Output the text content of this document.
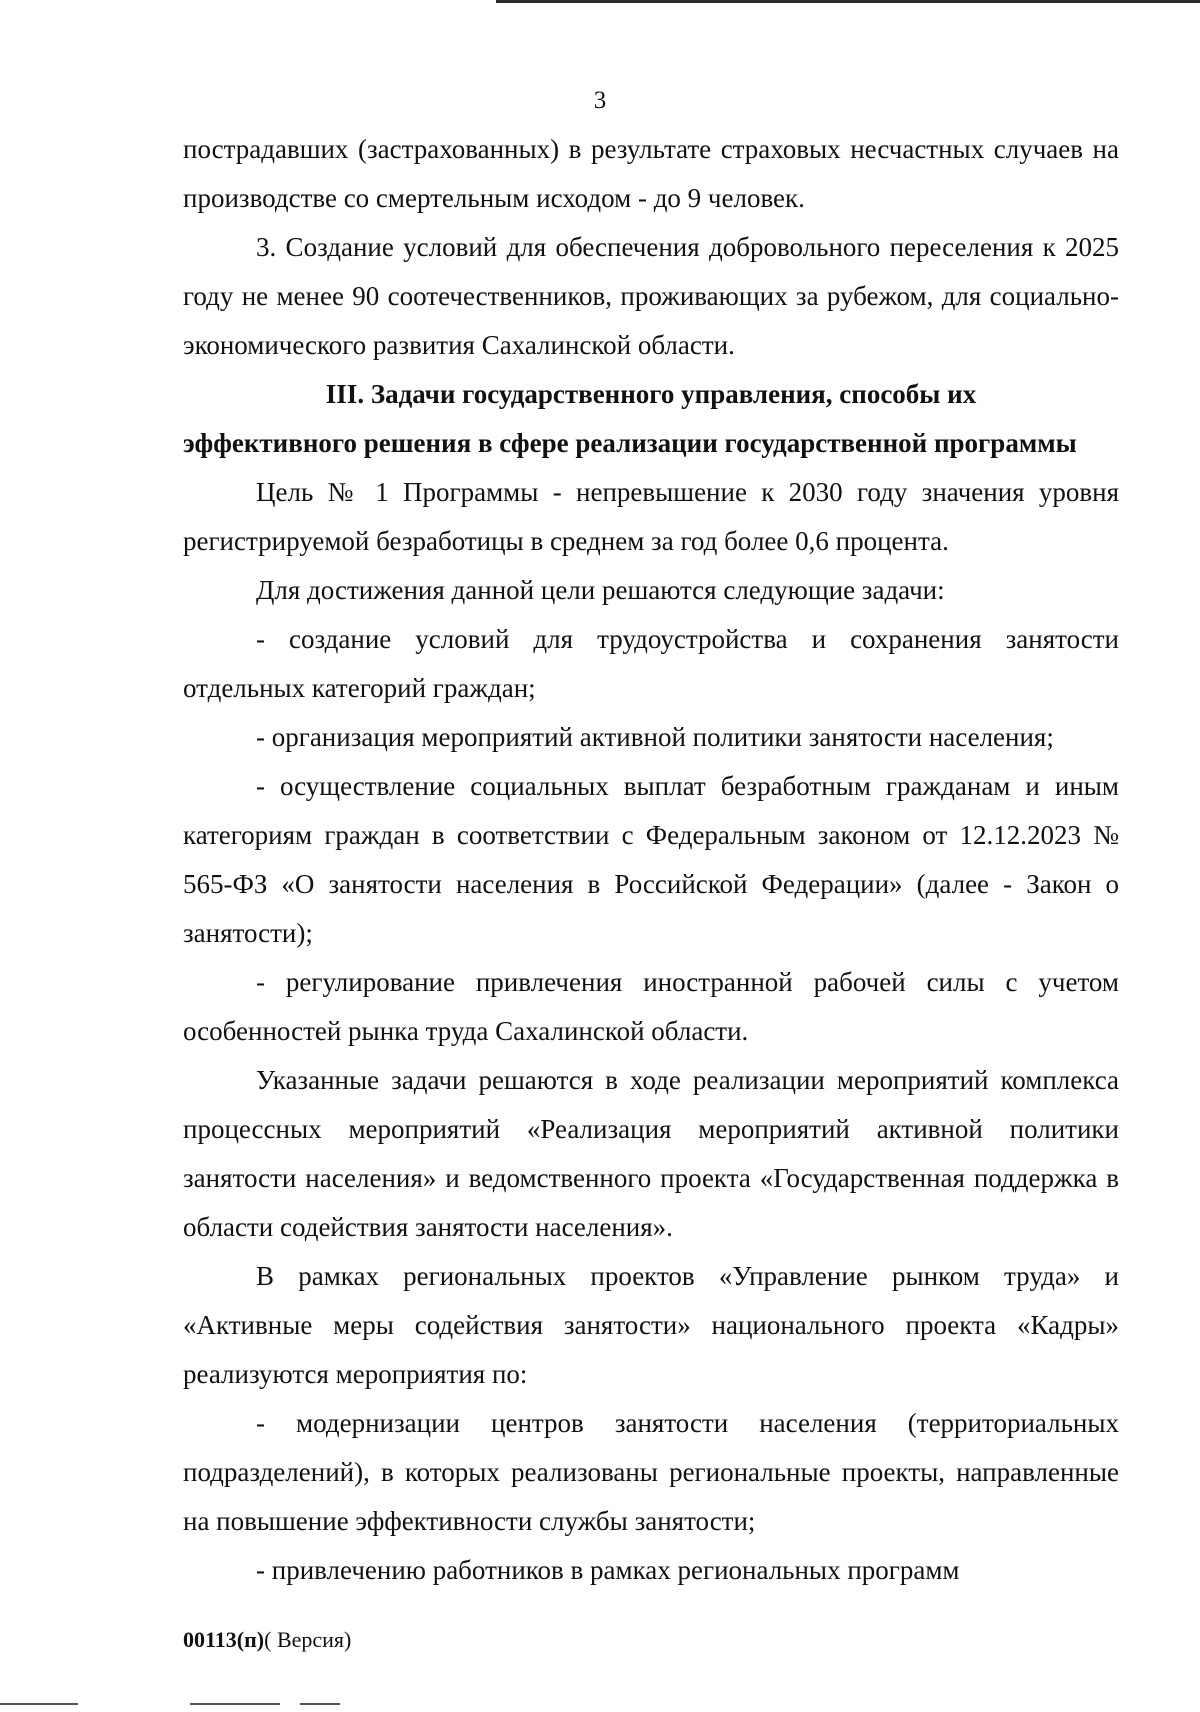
3

пострадавших (застрахованных) в результате страховых несчастных случаев на производстве со смертельным исходом - до 9 человек.

3. Создание условий для обеспечения добровольного переселения к 2025 году не менее 90 соотечественников, проживающих за рубежом, для социально-экономического развития Сахалинской области.

III. Задачи государственного управления, способы их
эффективного решения в сфере реализации государственной программы

Цель № 1 Программы - непревышение к 2030 году значения уровня регистрируемой безработицы в среднем за год более 0,6 процента.

Для достижения данной цели решаются следующие задачи:

- создание условий для трудоустройства и сохранения занятости отдельных категорий граждан;

- организация мероприятий активной политики занятости населения;

- осуществление социальных выплат безработным гражданам и иным категориям граждан в соответствии с Федеральным законом от 12.12.2023 № 565-ФЗ «О занятости населения в Российской Федерации» (далее - Закон о занятости);

- регулирование привлечения иностранной рабочей силы с учетом особенностей рынка труда Сахалинской области.

Указанные задачи решаются в ходе реализации мероприятий комплекса процессных мероприятий «Реализация мероприятий активной политики занятости населения» и ведомственного проекта «Государственная поддержка в области содействия занятости населения».

В рамках региональных проектов «Управление рынком труда» и «Активные меры содействия занятости» национального проекта «Кадры» реализуются мероприятия по:

- модернизации центров занятости населения (территориальных подразделений), в которых реализованы региональные проекты, направленные на повышение эффективности службы занятости;

- привлечению работников в рамках региональных программ

00113(п)( Версия)
